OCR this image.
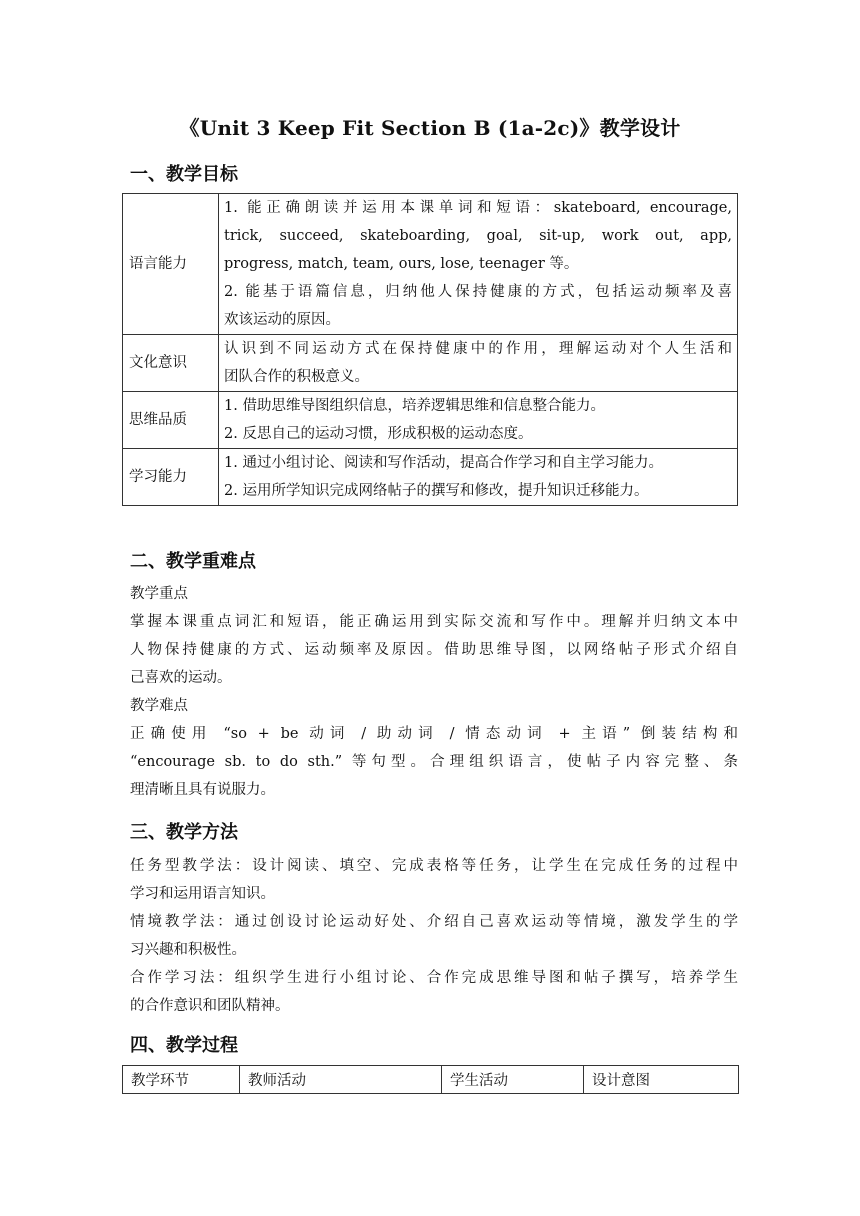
《Unit 3 Keep Fit Section B (1a-2c)》教学设计
一、教学目标
语言能力	1. 能正确朗读并运用本课单词和短语：skateboard, encourage,
trick, succeed, skateboarding, goal, sit-up, work out, app,
progress, match, team, ours, lose, teenager 等。
2. 能基于语篇信息，归纳他人保持健康的方式，包括运动频率及喜
欢该运动的原因。

文化意识	认识到不同运动方式在保持健康中的作用，理解运动对个人生活和
团队合作的积极意义。

思维品质	1. 借助思维导图组织信息，培养逻辑思维和信息整合能力。
2. 反思自己的运动习惯，形成积极的运动态度。

学习能力	1. 通过小组讨论、阅读和写作活动，提高合作学习和自主学习能力。
2. 运用所学知识完成网络帖子的撰写和修改，提升知识迁移能力。
二、教学重难点

教学重点

掌握本课重点词汇和短语，能正确运用到实际交流和写作中。理解并归纳文本中

人物保持健康的方式、运动频率及原因。借助思维导图，以网络帖子形式介绍自

己喜欢的运动。

教学难点

正确使用 “so + be 动词 / 助动词 / 情态动词 + 主语” 倒装结构和

“encourage sb. to do sth.” 等句型。合理组织语言，使帖子内容完整、条

理清晰且具有说服力。

三、教学方法

任务型教学法：设计阅读、填空、完成表格等任务，让学生在完成任务的过程中

学习和运用语言知识。

情境教学法：通过创设讨论运动好处、介绍自己喜欢运动等情境，激发学生的学

习兴趣和积极性。

合作学习法：组织学生进行小组讨论、合作完成思维导图和帖子撰写，培养学生

的合作意识和团队精神。

四、教学过程
教学环节	教师活动	学生活动	设计意图
